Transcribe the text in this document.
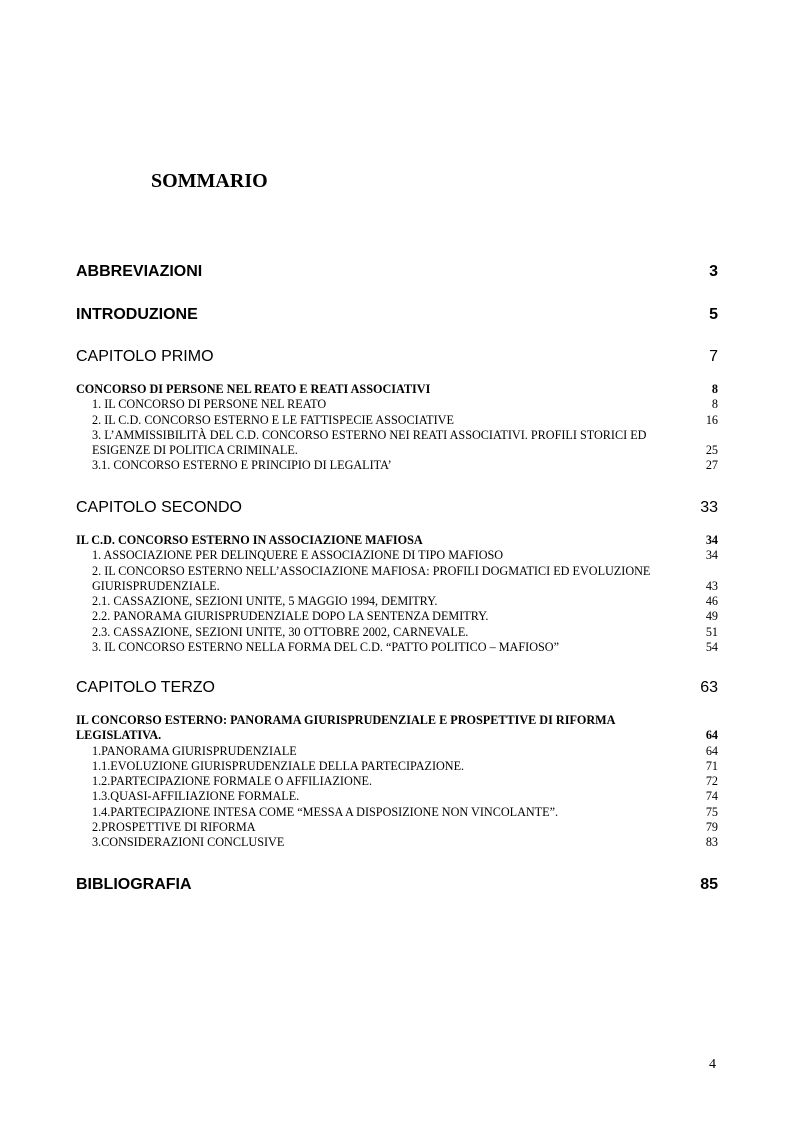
SOMMARIO
ABBREVIAZIONI	3
INTRODUZIONE	5
CAPITOLO PRIMO	7
CONCORSO DI PERSONE NEL REATO E REATI ASSOCIATIVI	8
1. IL CONCORSO DI PERSONE NEL REATO	8
2. IL C.D. CONCORSO ESTERNO E LE FATTISPECIE ASSOCIATIVE	16
3. L’AMMISSIBILITÀ DEL C.D. CONCORSO ESTERNO NEI REATI ASSOCIATIVI. PROFILI STORICI ED
ESIGENZE DI POLITICA CRIMINALE.	25
3.1. CONCORSO ESTERNO E PRINCIPIO DI LEGALITA’	27
CAPITOLO SECONDO	33
IL C.D. CONCORSO ESTERNO IN ASSOCIAZIONE MAFIOSA	34
1. ASSOCIAZIONE PER DELINQUERE E ASSOCIAZIONE DI TIPO MAFIOSO	34
2. IL CONCORSO ESTERNO NELL’ASSOCIAZIONE MAFIOSA: PROFILI DOGMATICI ED EVOLUZIONE
GIURISPRUDENZIALE.	43
2.1. CASSAZIONE, SEZIONI UNITE, 5 MAGGIO 1994, DEMITRY.	46
2.2. PANORAMA GIURISPRUDENZIALE DOPO LA SENTENZA DEMITRY.	49
2.3. CASSAZIONE, SEZIONI UNITE, 30 OTTOBRE 2002, CARNEVALE.	51
3. IL CONCORSO ESTERNO NELLA FORMA DEL C.D. “PATTO POLITICO – MAFIOSO”	54
CAPITOLO TERZO	63
IL CONCORSO ESTERNO: PANORAMA GIURISPRUDENZIALE E PROSPETTIVE DI RIFORMA
LEGISLATIVA.	64
1.PANORAMA GIURISPRUDENZIALE	64
1.1.EVOLUZIONE GIURISPRUDENZIALE DELLA PARTECIPAZIONE.	71
1.2.PARTECIPAZIONE FORMALE O AFFILIAZIONE.	72
1.3.QUASI-AFFILIAZIONE FORMALE.	74
1.4.PARTECIPAZIONE INTESA COME “MESSA A DISPOSIZIONE NON VINCOLANTE”.	75
2.PROSPETTIVE DI RIFORMA	79
3.CONSIDERAZIONI CONCLUSIVE	83
BIBLIOGRAFIA	85
4
